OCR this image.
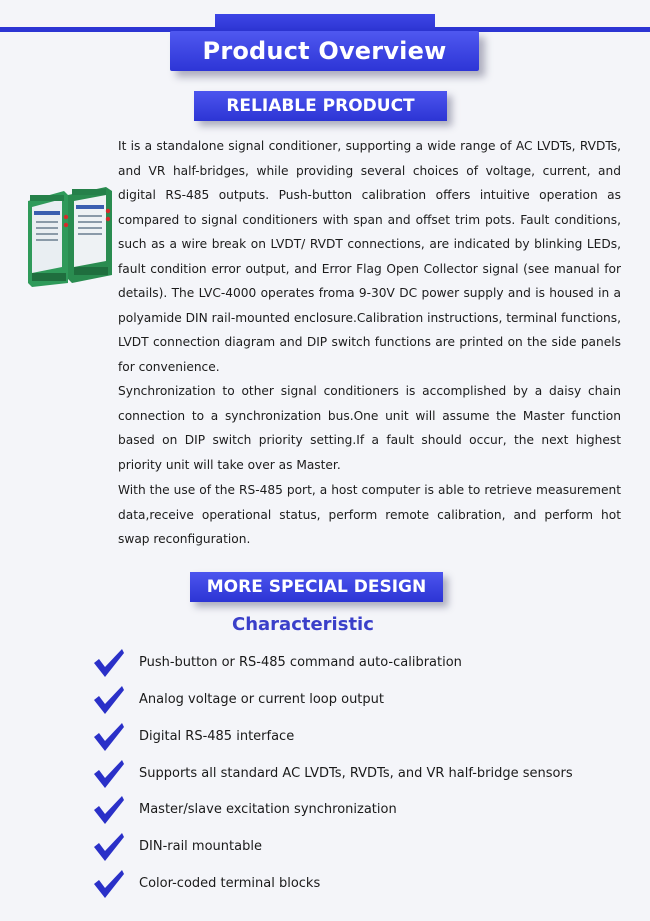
Product Overview
RELIABLE PRODUCT

It is a standalone signal conditioner, supporting a wide range of AC LVDTs, RVDTs, and VR half-bridges, while providing several choices of voltage, current, and digital RS-485 outputs. Push-button calibration offers intuitive operation as compared to signal conditioners with span and offset trim pots. Fault conditions, such as a wire break on LVDT/ RVDT connections, are indicated by blinking LEDs, fault condition error output, and Error Flag Open Collector signal (see manual for details). The LVC-4000 operates froma 9-30V DC power supply and is housed in a polyamide DIN rail-mounted enclosure.Calibration instructions, terminal functions, LVDT connection diagram and DIP switch functions are printed on the side panels for convenience.

Synchronization to other signal conditioners is accomplished by a daisy chain connection to a synchronization bus.One unit will assume the Master function based on DIP switch priority setting.If a fault should occur, the next highest priority unit will take over as Master.

With the use of the RS-485 port, a host computer is able to retrieve measurement data,receive operational status, perform remote calibration, and perform hot swap reconfiguration.

MORE SPECIAL DESIGN
Characteristic
Push-button or RS-485 command auto-calibration
Analog voltage or current loop output
Digital RS-485 interface
Supports all standard AC LVDTs, RVDTs, and VR half-bridge sensors
Master/slave excitation synchronization
DIN-rail mountable
Color-coded terminal blocks
